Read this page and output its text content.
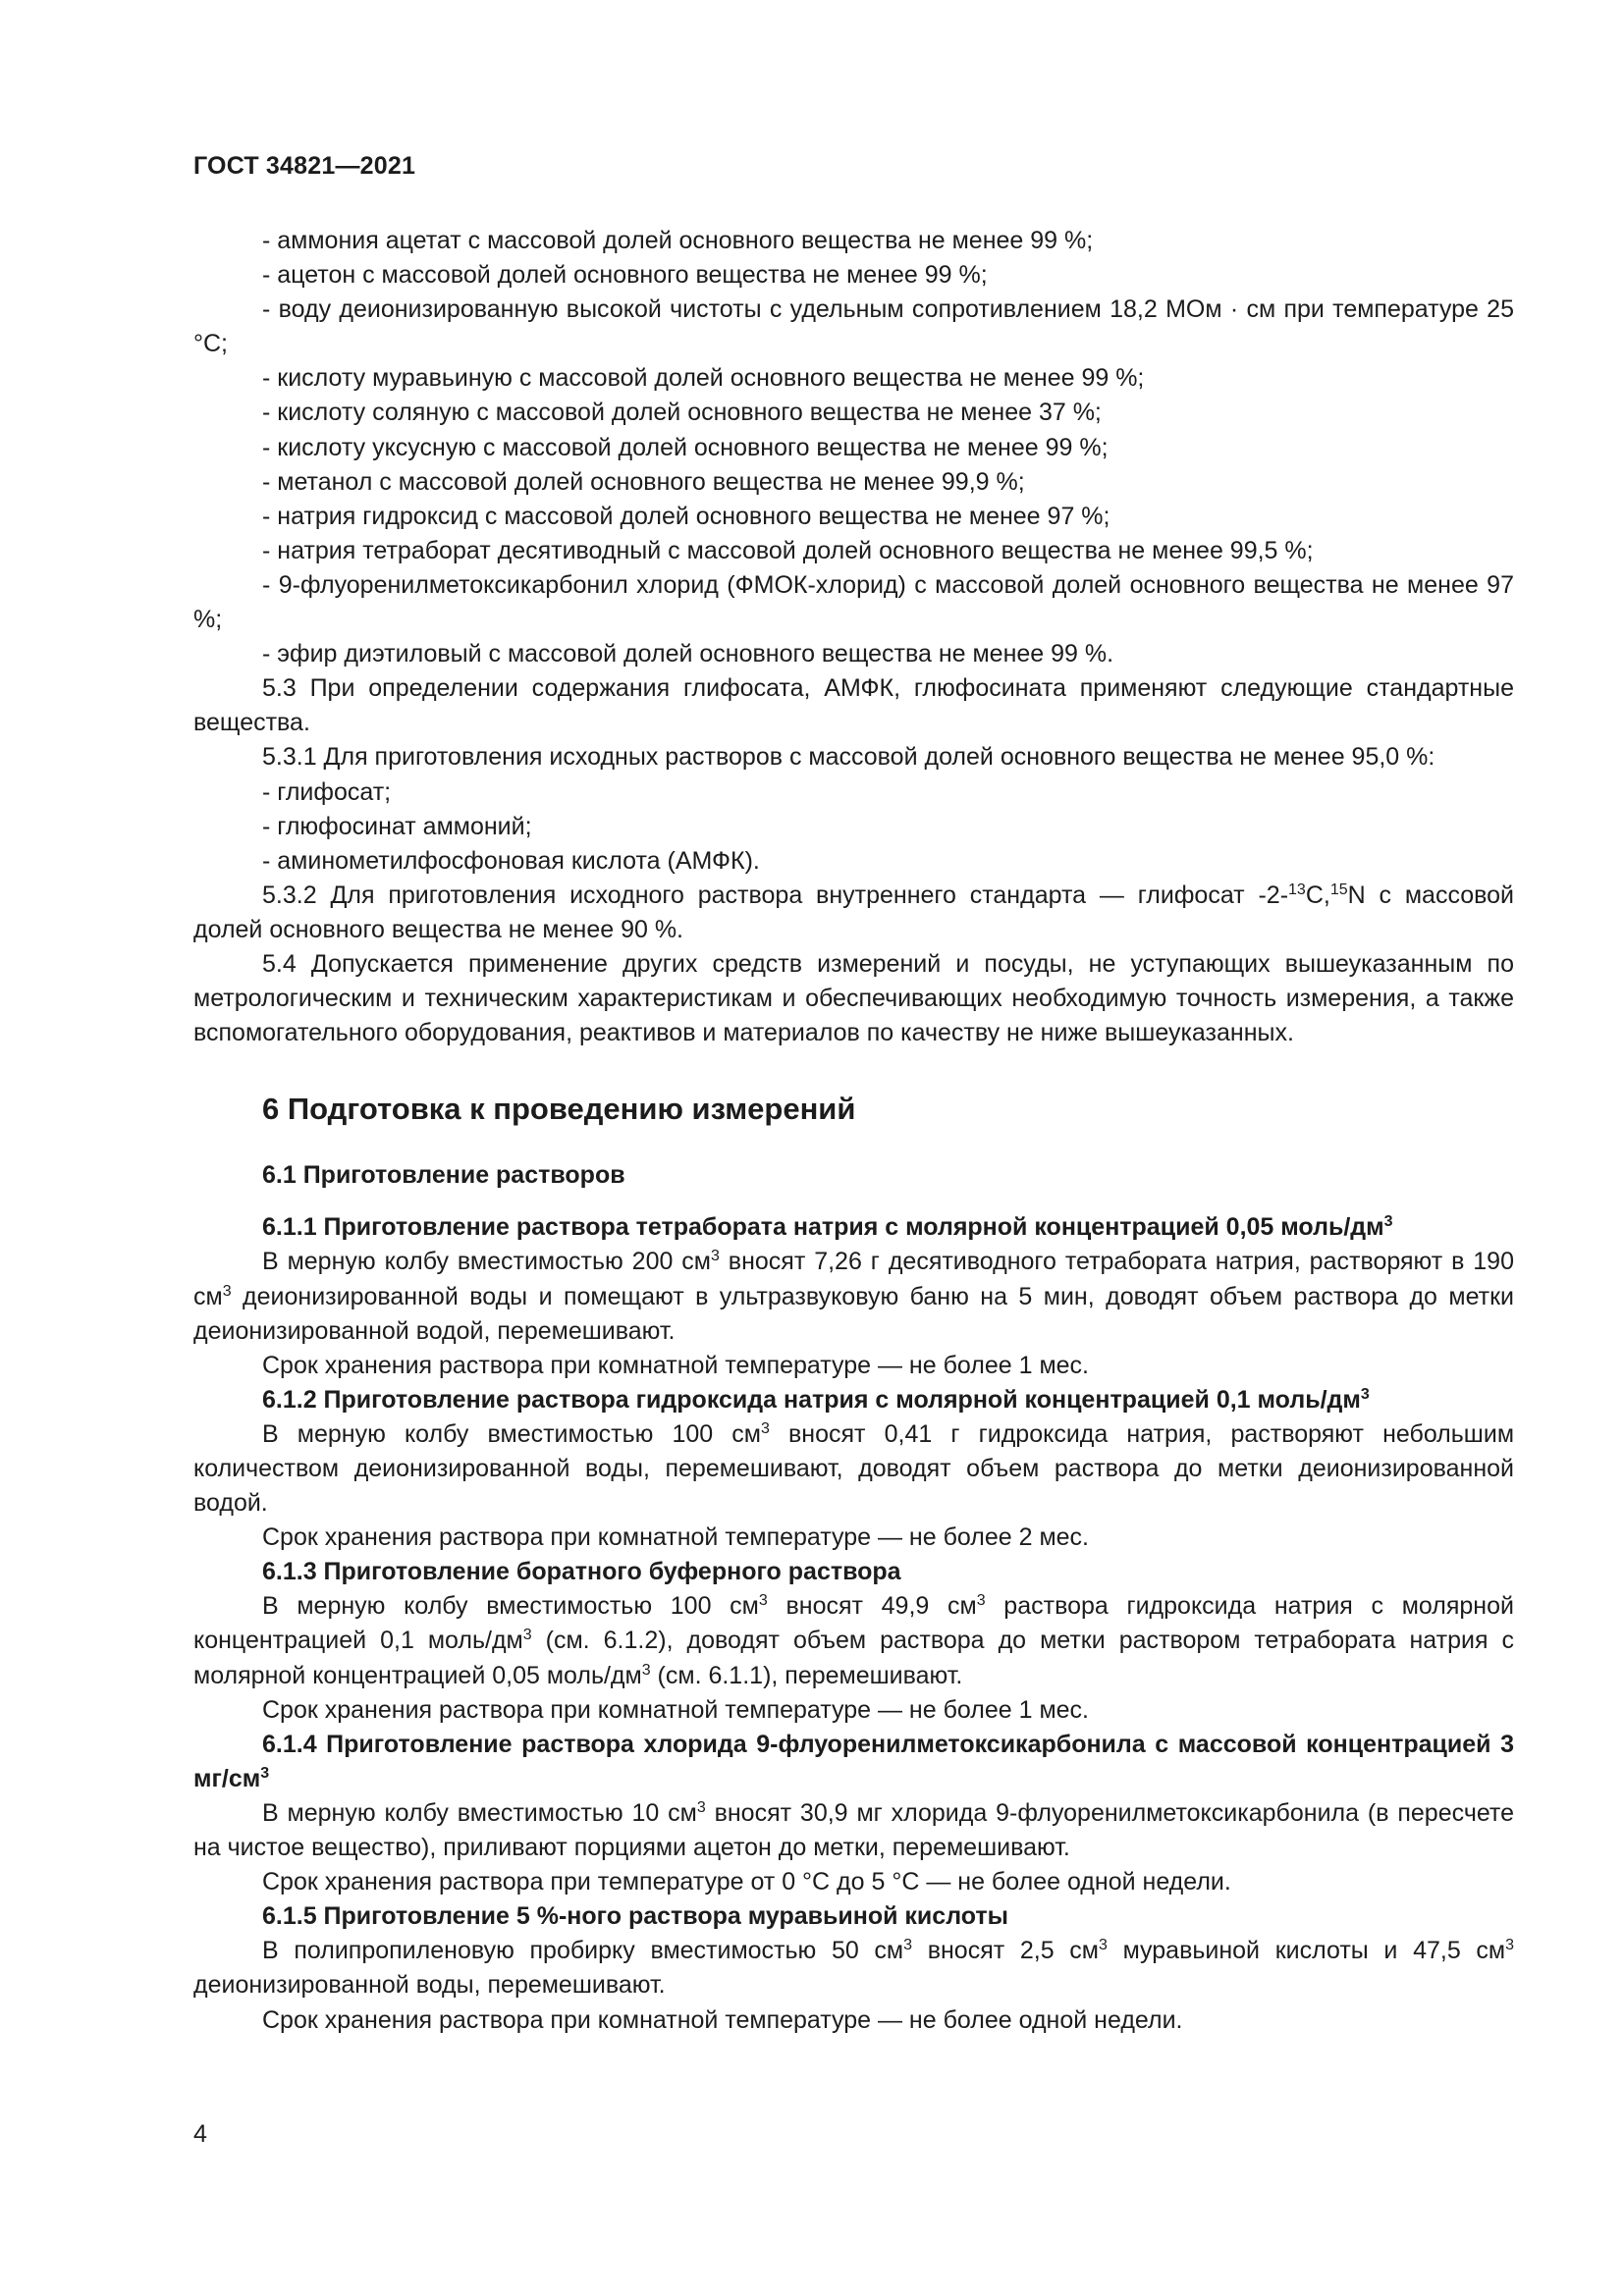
ГОСТ 34821—2021

- аммония ацетат с массовой долей основного вещества не менее 99 %;

- ацетон с массовой долей основного вещества не менее 99 %;

- воду деионизированную высокой чистоты с удельным сопротивлением 18,2 МОм · см при температуре 25 °С;

- кислоту муравьиную с массовой долей основного вещества не менее 99 %;

- кислоту соляную с массовой долей основного вещества не менее 37 %;

- кислоту уксусную с массовой долей основного вещества не менее 99 %;

- метанол с массовой долей основного вещества не менее 99,9 %;

- натрия гидроксид с массовой долей основного вещества не менее 97 %;

- натрия тетраборат десятиводный с массовой долей основного вещества не менее 99,5 %;

- 9-флуоренилметоксикарбонил хлорид (ФМОК-хлорид) с массовой долей основного вещества не менее 97 %;

- эфир диэтиловый с массовой долей основного вещества не менее 99 %.

5.3 При определении содержания глифосата, АМФК, глюфосината применяют следующие стандартные вещества.

5.3.1 Для приготовления исходных растворов с массовой долей основного вещества не менее 95,0 %:

- глифосат;

- глюфосинат аммоний;

- аминометилфосфоновая кислота (АМФК).

5.3.2 Для приготовления исходного раствора внутреннего стандарта — глифосат -2-$^{13}$C,$^{15}$N с массовой долей основного вещества не менее 90 %.

5.4 Допускается применение других средств измерений и посуды, не уступающих вышеуказанным по метрологическим и техническим характеристикам и обеспечивающих необходимую точность измерения, а также вспомогательного оборудования, реактивов и материалов по качеству не ниже вышеуказанных.

6 Подготовка к проведению измерений
6.1 Приготовление растворов

6.1.1 Приготовление раствора тетрабората натрия с молярной концентрацией 0,05 моль/$дм^3$

В мерную колбу вместимостью 200 $см^3$ вносят 7,26 г десятиводного тетрабората натрия, растворяют в 190 $см^3$ деионизированной воды и помещают в ультразвуковую баню на 5 мин, доводят объем раствора до метки деионизированной водой, перемешивают.

Срок хранения раствора при комнатной температуре — не более 1 мес.

6.1.2 Приготовление раствора гидроксида натрия с молярной концентрацией 0,1 моль/$дм^3$

В мерную колбу вместимостью 100 $см^3$ вносят 0,41 г гидроксида натрия, растворяют небольшим количеством деионизированной воды, перемешивают, доводят объем раствора до метки деионизированной водой.

Срок хранения раствора при комнатной температуре — не более 2 мес.

6.1.3 Приготовление боратного буферного раствора

В мерную колбу вместимостью 100 $см^3$ вносят 49,9 $см^3$ раствора гидроксида натрия с молярной концентрацией 0,1 моль/$дм^3$ (см. 6.1.2), доводят объем раствора до метки раствором тетрабората натрия с молярной концентрацией 0,05 моль/$дм^3$ (см. 6.1.1), перемешивают.

Срок хранения раствора при комнатной температуре — не более 1 мес.

6.1.4 Приготовление раствора хлорида 9-флуоренилметоксикарбонила с массовой концентрацией 3 $мг/см^3$

В мерную колбу вместимостью 10 $см^3$ вносят 30,9 мг хлорида 9-флуоренилметоксикарбонила (в пересчете на чистое вещество), приливают порциями ацетон до метки, перемешивают.

Срок хранения раствора при температуре от 0 °С до 5 °С — не более одной недели.

6.1.5 Приготовление 5 %-ного раствора муравьиной кислоты

В полипропиленовую пробирку вместимостью 50 $см^3$ вносят 2,5 $см^3$ муравьиной кислоты и 47,5 $см^3$ деионизированной воды, перемешивают.

Срок хранения раствора при комнатной температуре — не более одной недели.

4
